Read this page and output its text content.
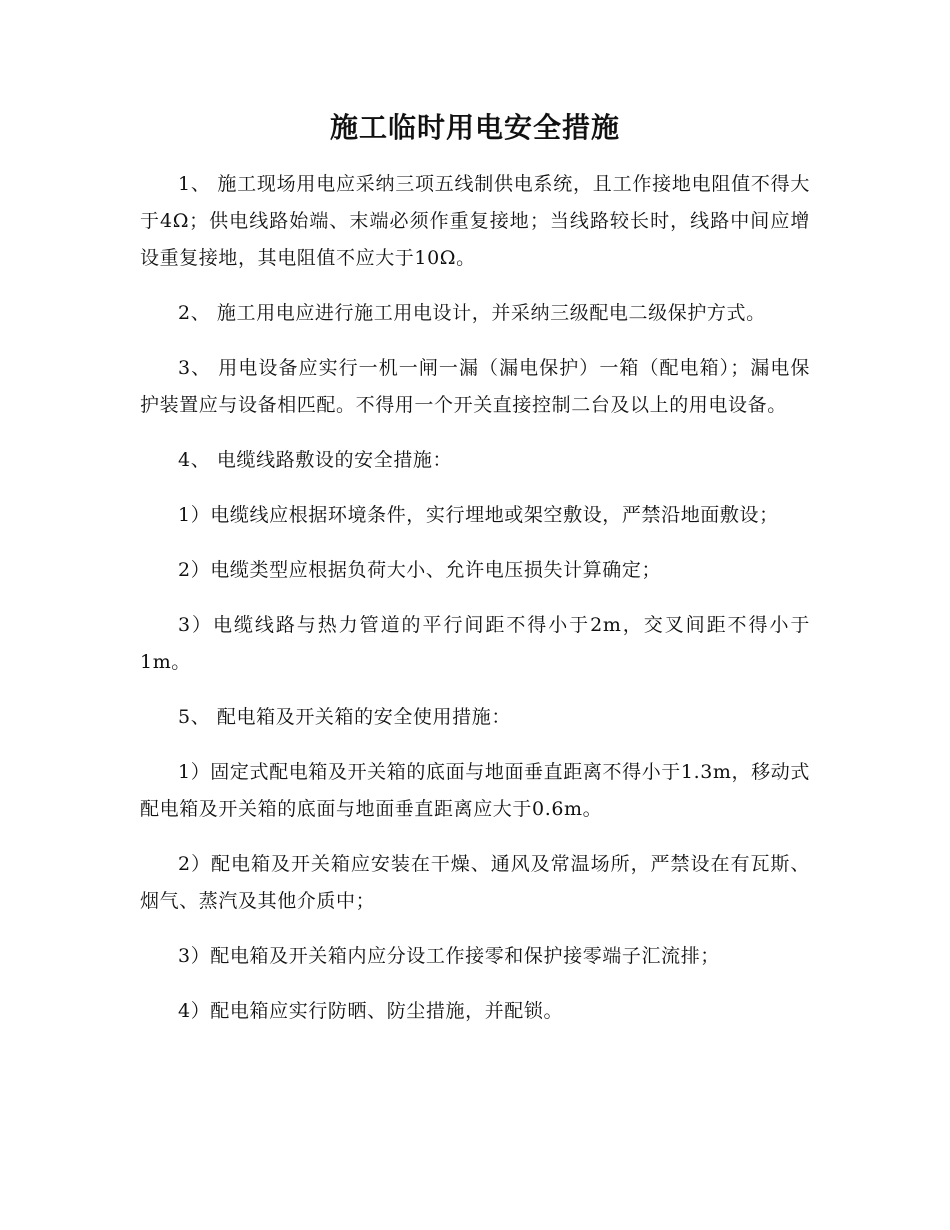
施工临时用电安全措施

1、 施工现场用电应采纳三项五线制供电系统，且工作接地电阻值不得大于4Ω；供电线路始端、末端必须作重复接地；当线路较长时，线路中间应增设重复接地，其电阻值不应大于10Ω。

2、 施工用电应进行施工用电设计，并采纳三级配电二级保护方式。

3、 用电设备应实行一机一闸一漏（漏电保护）一箱（配电箱）；漏电保护装置应与设备相匹配。不得用一个开关直接控制二台及以上的用电设备。

4、 电缆线路敷设的安全措施：

1）电缆线应根据环境条件，实行埋地或架空敷设，严禁沿地面敷设；

2）电缆类型应根据负荷大小、允许电压损失计算确定；

3）电缆线路与热力管道的平行间距不得小于2m，交叉间距不得小于1m。

5、 配电箱及开关箱的安全使用措施：

1）固定式配电箱及开关箱的底面与地面垂直距离不得小于1.3m，移动式配电箱及开关箱的底面与地面垂直距离应大于0.6m。

2）配电箱及开关箱应安装在干燥、通风及常温场所，严禁设在有瓦斯、烟气、蒸汽及其他介质中；

3）配电箱及开关箱内应分设工作接零和保护接零端子汇流排；

4）配电箱应实行防晒、防尘措施，并配锁。
